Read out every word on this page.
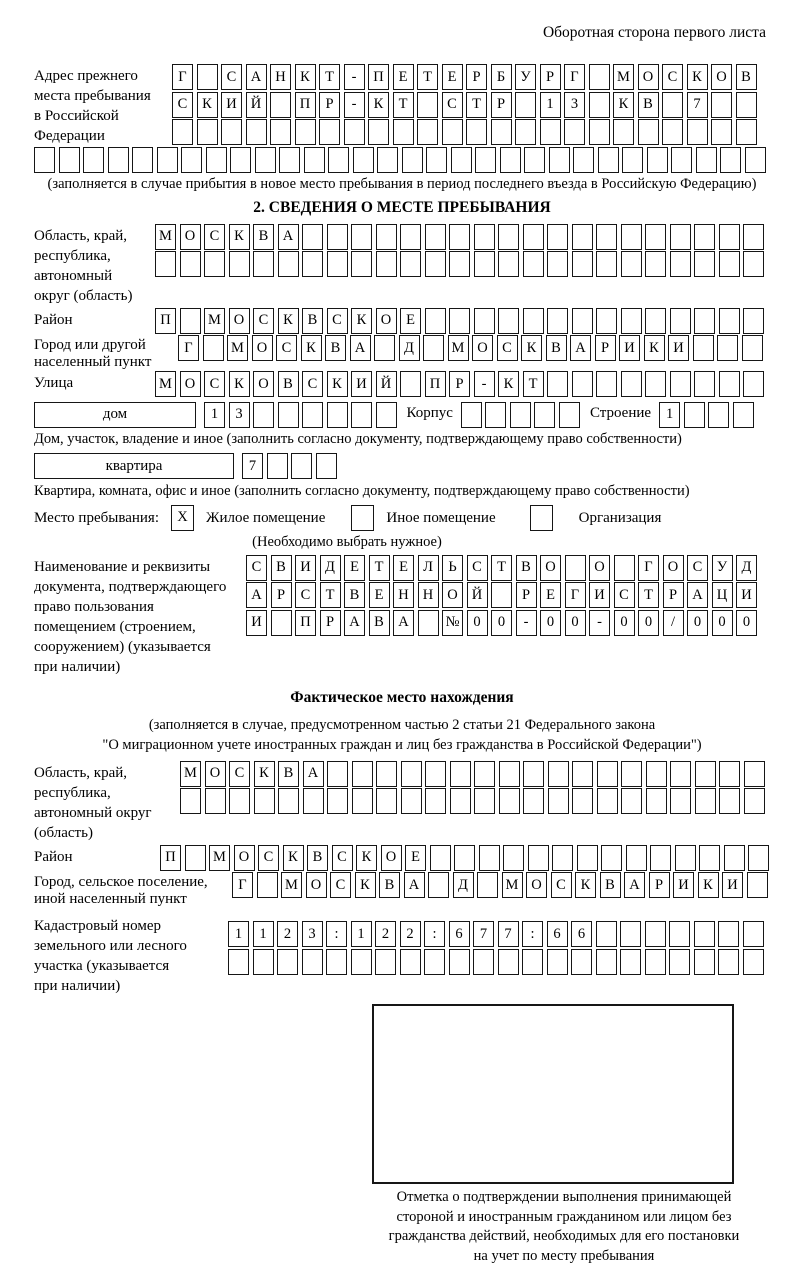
Оборотная сторона первого листа
Адрес прежнего
места пребывания
в Российской
Федерации
Г	С А Н К	Т	-	П	Е	Т	Е	Р	Б	У	Р	Г	М О С	К О В
С	К И Й	П	Р	-	К	Т	С	Т	Р	1	3	К	В	7
(заполняется в случае прибытия в новое место пребывания в период последнего въезда в Российскую Федерацию)
2. СВЕДЕНИЯ О МЕСТЕ ПРЕБЫВАНИЯ
Область, край,
республика,
автономный
округ (область)
М О С	К	В А
Район	П	М О С	К	В	С	К О	Е
Город или другой
населенный пункт
Г	М О С	К	В А	Д	М О С	К	В А	Р	И К И
Улица	М О С	К О В	С	К И Й	П	Р	-	К	Т
дом	1	3	Корпус	Строение	1
Дом, участок, владение и иное (заполнить согласно документу, подтверждающему право собственности)
квартира	7
Квартира, комната, офис и иное (заполнить согласно документу, подтверждающему право собственности)
Место пребывания:	X	Жилое помещение	Иное помещение	Организация
(Необходимо выбрать нужное)
Наименование и реквизиты
документа, подтверждающего
право пользования
помещением (строением,
сооружением) (указывается
при наличии)
С	В И Д	Е	Т	Е	Л	Ь	С	Т	В О	О	Г	О С	У Д
А	Р	С	Т	В	Е	Н Н О Й	Р	Е	Г	И С	Т	Р	А Ц И
И	П	Р	А В А	№ 0	0	-	0	0	-	0	0	/	0	0	0
Фактическое место нахождения
(заполняется в случае, предусмотренном частью 2 статьи 21 Федерального закона
"О миграционном учете иностранных граждан и лиц без гражданства в Российской Федерации")
Область, край,
республика,
автономный округ
(область)
М О С	К	В А
Район	П	М О С	К	В	С	К О	Е
Город, сельское поселение,
иной населенный пункт
Г	М О С	К	В А	Д	М О С	К	В А	Р	И К И
Кадастровый номер
земельного или лесного
участка (указывается
при наличии)
1	1	2	3	:	1	2	2	:	6	7	7	:	6	6
Отметка о подтверждении выполнения принимающей
стороной и иностранным гражданином или лицом без
гражданства действий, необходимых для его постановки
на учет по месту пребывания
